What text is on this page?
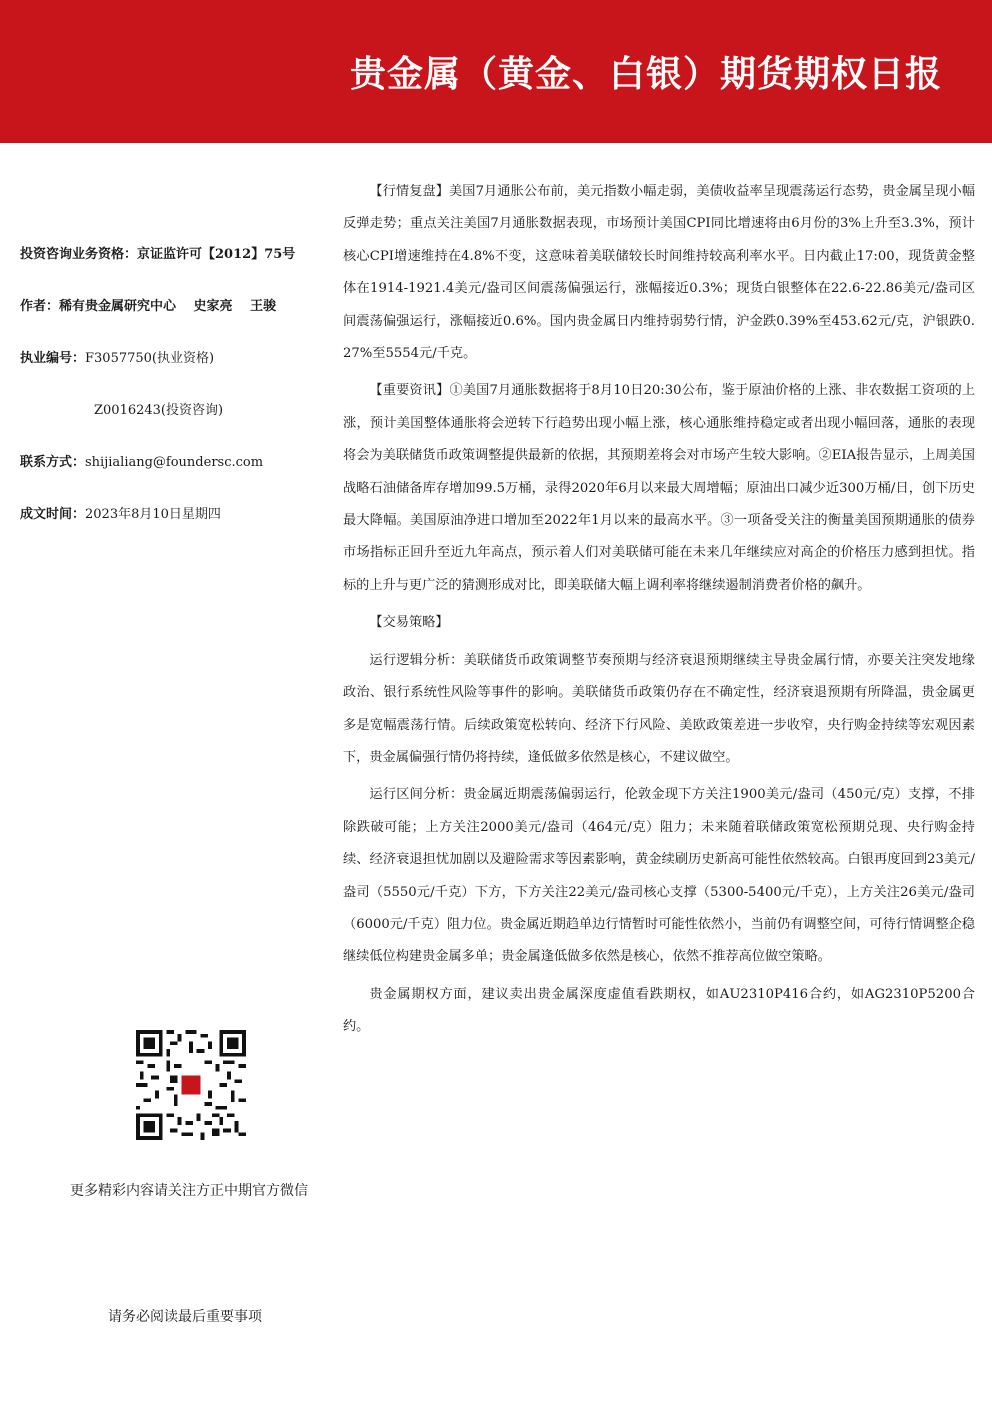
贵金属（黄金、白银）期货期权日报
投资咨询业务资格：京证监许可【2012】75号
作者：稀有贵金属研究中心　 史家亮　 王骏
执业编号：F3057750(执业资格)
Z0016243(投资咨询)
联系方式：shijialiang@foundersc.com
成文时间：2023年8月10日星期四
更多精彩内容请关注方正中期官方微信
请务必阅读最后重要事项

【行情复盘】美国7月通胀公布前，美元指数小幅走弱，美债收益率呈现震荡运行态势，贵金属呈现小幅反弹走势；重点关注美国7月通胀数据表现，市场预计美国CPI同比增速将由6月份的3%上升至3.3%，预计核心CPI增速维持在4.8%不变，这意味着美联储较长时间维持较高利率水平。日内截止17:00，现货黄金整体在1914-1921.4美元/盎司区间震荡偏强运行，涨幅接近0.3%；现货白银整体在22.6-22.86美元/盎司区间震荡偏强运行，涨幅接近0.6%。国内贵金属日内维持弱势行情，沪金跌0.39%至453.62元/克，沪银跌0.27%至5554元/千克。

【重要资讯】①美国7月通胀数据将于8月10日20:30公布，鉴于原油价格的上涨、非农数据工资项的上涨，预计美国整体通胀将会逆转下行趋势出现小幅上涨，核心通胀维持稳定或者出现小幅回落，通胀的表现将会为美联储货币政策调整提供最新的依据，其预期差将会对市场产生较大影响。②EIA报告显示，上周美国战略石油储备库存增加99.5万桶，录得2020年6月以来最大周增幅；原油出口减少近300万桶/日，创下历史最大降幅。美国原油净进口增加至2022年1月以来的最高水平。③一项备受关注的衡量美国预期通胀的债券市场指标正回升至近九年高点，预示着人们对美联储可能在未来几年继续应对高企的价格压力感到担忧。指标的上升与更广泛的猜测形成对比，即美联储大幅上调利率将继续遏制消费者价格的飙升。

【交易策略】

运行逻辑分析：美联储货币政策调整节奏预期与经济衰退预期继续主导贵金属行情，亦要关注突发地缘政治、银行系统性风险等事件的影响。美联储货币政策仍存在不确定性，经济衰退预期有所降温，贵金属更多是宽幅震荡行情。后续政策宽松转向、经济下行风险、美欧政策差进一步收窄，央行购金持续等宏观因素下，贵金属偏强行情仍将持续，逢低做多依然是核心，不建议做空。

运行区间分析：贵金属近期震荡偏弱运行，伦敦金现下方关注1900美元/盎司（450元/克）支撑，不排除跌破可能；上方关注2000美元/盎司（464元/克）阻力；未来随着联储政策宽松预期兑现、央行购金持续、经济衰退担忧加剧以及避险需求等因素影响，黄金续刷历史新高可能性依然较高。白银再度回到23美元/盎司（5550元/千克）下方，下方关注22美元/盎司核心支撑（5300-5400元/千克），上方关注26美元/盎司（6000元/千克）阻力位。贵金属近期趋单边行情暂时可能性依然小，当前仍有调整空间，可待行情调整企稳继续低位构建贵金属多单；贵金属逢低做多依然是核心，依然不推荐高位做空策略。

贵金属期权方面，建议卖出贵金属深度虚值看跌期权，如AU2310P416合约，如AG2310P5200合约。
